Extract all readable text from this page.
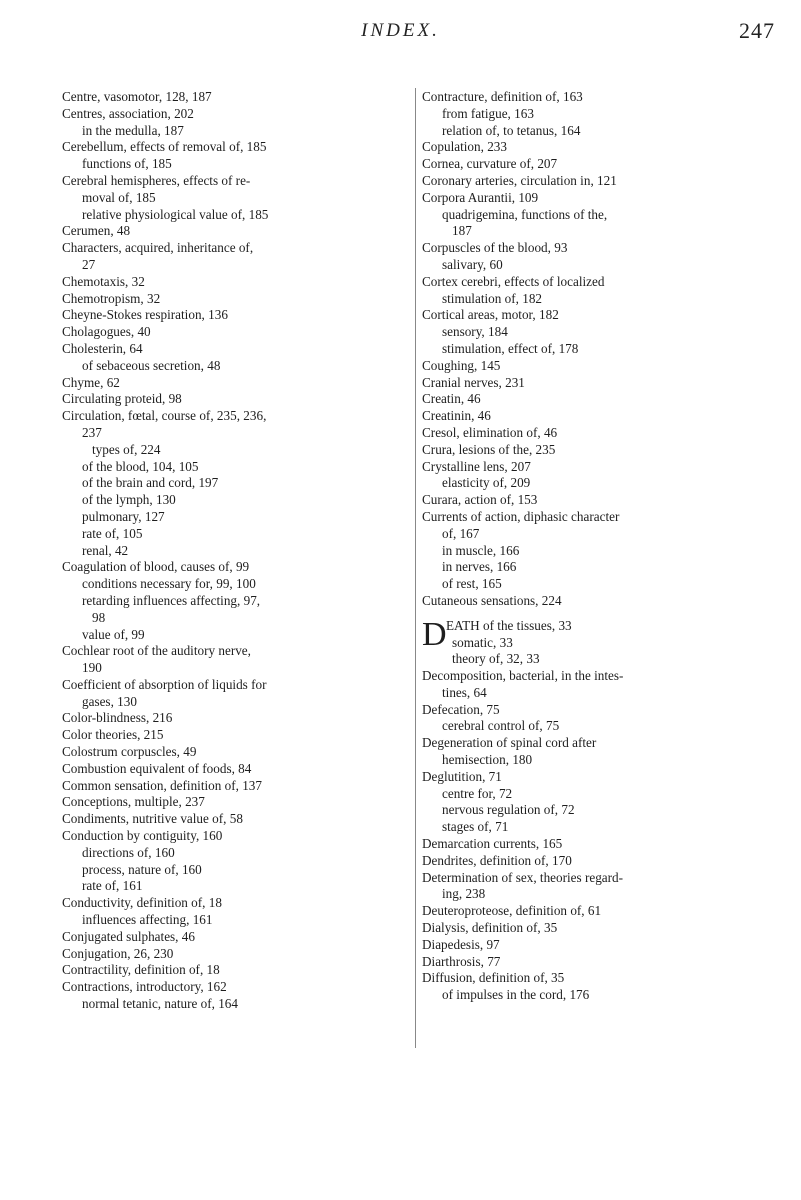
INDEX.	247
Centre, vasomotor, 128, 187
Centres, association, 202
in the medulla, 187
Cerebellum, effects of removal of, 185
functions of, 185
Cerebral hemispheres, effects of re-
moval of, 185
relative physiological value of, 185
Cerumen, 48
Characters, acquired, inheritance of,
27
Chemotaxis, 32
Chemotropism, 32
Cheyne-Stokes respiration, 136
Cholagogues, 40
Cholesterin, 64
of sebaceous secretion, 48
Chyme, 62
Circulating proteid, 98
Circulation, fœtal, course of, 235, 236,
237
types of, 224
of the blood, 104, 105
of the brain and cord, 197
of the lymph, 130
pulmonary, 127
rate of, 105
renal, 42
Coagulation of blood, causes of, 99
conditions necessary for, 99, 100
retarding influences affecting, 97,
98
value of, 99
Cochlear root of the auditory nerve,
190
Coefficient of absorption of liquids for
gases, 130
Color-blindness, 216
Color theories, 215
Colostrum corpuscles, 49
Combustion equivalent of foods, 84
Common sensation, definition of, 137
Conceptions, multiple, 237
Condiments, nutritive value of, 58
Conduction by contiguity, 160
directions of, 160
process, nature of, 160
rate of, 161
Conductivity, definition of, 18
influences affecting, 161
Conjugated sulphates, 46
Conjugation, 26, 230
Contractility, definition of, 18
Contractions, introductory, 162
normal tetanic, nature of, 164
Contracture, definition of, 163
from fatigue, 163
relation of, to tetanus, 164
Copulation, 233
Cornea, curvature of, 207
Coronary arteries, circulation in, 121
Corpora Aurantii, 109
quadrigemina, functions of the,
187
Corpuscles of the blood, 93
salivary, 60
Cortex cerebri, effects of localized
stimulation of, 182
Cortical areas, motor, 182
sensory, 184
stimulation, effect of, 178
Coughing, 145
Cranial nerves, 231
Creatin, 46
Creatinin, 46
Cresol, elimination of, 46
Crura, lesions of the, 235
Crystalline lens, 207
elasticity of, 209
Curara, action of, 153
Currents of action, diphasic character
of, 167
in muscle, 166
in nerves, 166
of rest, 165
Cutaneous sensations, 224
D EATH of the tissues, 33
somatic, 33
theory of, 32, 33
Decomposition, bacterial, in the intes-
tines, 64
Defecation, 75
cerebral control of, 75
Degeneration of spinal cord after
hemisection, 180
Deglutition, 71
centre for, 72
nervous regulation of, 72
stages of, 71
Demarcation currents, 165
Dendrites, definition of, 170
Determination of sex, theories regard-
ing, 238
Deuteroproteose, definition of, 61
Dialysis, definition of, 35
Diapedesis, 97
Diarthrosis, 77
Diffusion, definition of, 35
of impulses in the cord, 176
